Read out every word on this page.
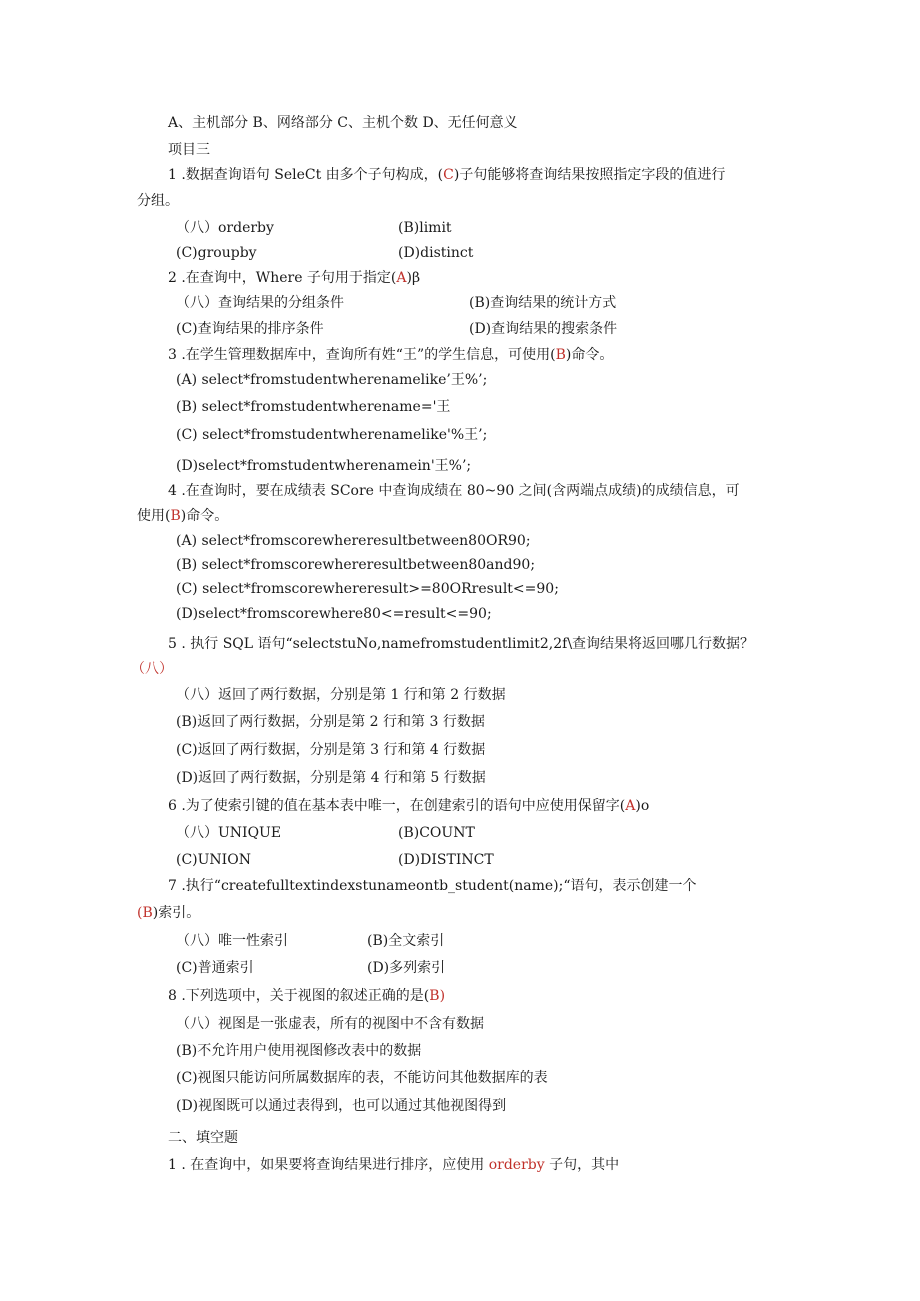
A、主机部分 B、网络部分 C、主机个数 D、无任何意义
项目三
1 .数据查询语句 SeleCt 由多个子句构成，(C)子句能够将查询结果按照指定字段的值进行
分组。
（八）orderby	(B)limit
(C)groupby	(D)distinct
2 .在查询中，Where 子句用于指定(A)β
（八）查询结果的分组条件	(B)查询结果的统计方式
(C)查询结果的排序条件	(D)查询结果的搜索条件
3 .在学生管理数据库中，查询所有姓“王”的学生信息，可使用(B)命令。
(A) select*fromstudentwherenamelike’王%’;
(B) select*fromstudentwherename='王
(C) select*fromstudentwherenamelike'%王’;
(D)select*fromstudentwherenamein'王%’;
4 .在查询时，要在成绩表 SCore 中查询成绩在 80~90 之间(含两端点成绩)的成绩信息，可
使用(B)命令。
(A) select*fromscorewhereresultbetween80OR90;
(B) select*fromscorewhereresultbetween80and90;
(C) select*fromscorewhereresult>=80ORresult<=90;
(D)select*fromscorewhere80<=result<=90;
5 . 执行 SQL 语句“selectstuNo,namefromstudentlimit2,2f\查询结果将返回哪几行数据？
（八）
（八）返回了两行数据，分别是第 1 行和第 2 行数据
(B)返回了两行数据，分别是第 2 行和第 3 行数据
(C)返回了两行数据，分别是第 3 行和第 4 行数据
(D)返回了两行数据，分别是第 4 行和第 5 行数据
6 .为了使索引键的值在基本表中唯一，在创建索引的语句中应使用保留字(A)o
（八）UNIQUE	(B)COUNT
(C)UNION	(D)DISTINCT
7 .执行“createfulltextindexstunameontb_student(name);“语句，表示创建一个
(B)索引。
（八）唯一性索引	(B)全文索引
(C)普通索引	(D)多列索引
8 .下列选项中，关于视图的叙述正确的是(B)
（八）视图是一张虚表，所有的视图中不含有数据
(B)不允许用户使用视图修改表中的数据
(C)视图只能访问所属数据库的表，不能访问其他数据库的表
(D)视图既可以通过表得到，也可以通过其他视图得到
二、填空题
1 . 在查询中，如果要将查询结果进行排序，应使用 orderby 子句，其中
